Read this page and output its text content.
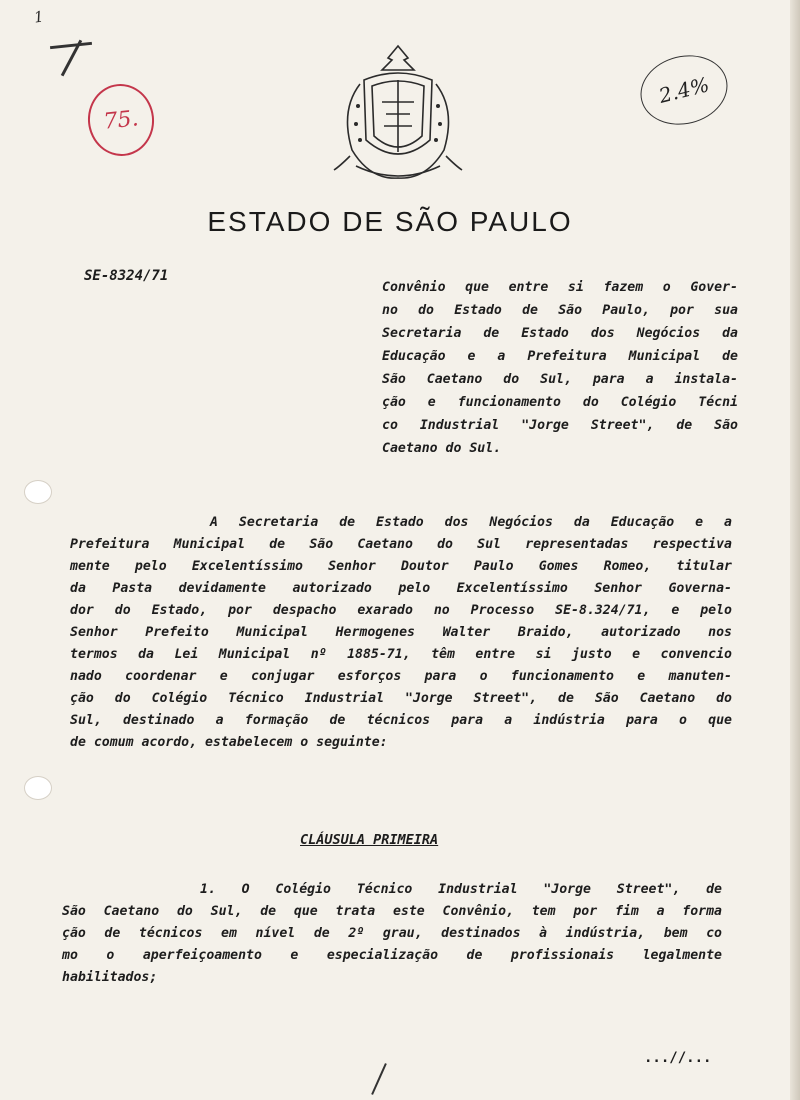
1
75.
2.4%
ESTADO DE SÃO PAULO
SE-8324/71
Convênio que entre si fazem o Gover-
no do Estado de São Paulo, por sua
Secretaria de Estado dos Negócios da
Educação e a Prefeitura Municipal de
São Caetano do Sul, para a instala-
ção e funcionamento do Colégio Técni
co Industrial "Jorge Street", de São
Caetano do Sul.
A Secretaria de Estado dos Negócios da Educação e a
Prefeitura Municipal de São Caetano do Sul representadas respectiva
mente pelo Excelentíssimo Senhor Doutor Paulo Gomes Romeo, titular
da Pasta devidamente autorizado pelo Excelentíssimo Senhor Governa-
dor do Estado, por despacho exarado no Processo SE-8.324/71, e pelo
Senhor Prefeito Municipal Hermogenes Walter Braido, autorizado nos
termos da Lei Municipal nº 1885-71, têm entre si justo e convencio
nado coordenar e conjugar esforços para o funcionamento e manuten-
ção do Colégio Técnico Industrial "Jorge Street", de São Caetano do
Sul, destinado a formação de técnicos para a indústria para o que
de comum acordo, estabelecem o seguinte:
CLÁUSULA PRIMEIRA
1. O Colégio Técnico Industrial "Jorge Street", de
São Caetano do Sul, de que trata este Convênio, tem por fim a forma
ção de técnicos em nível de 2º grau, destinados à indústria, bem co
mo o aperfeiçoamento e especialização de profissionais legalmente
habilitados;
...//...
